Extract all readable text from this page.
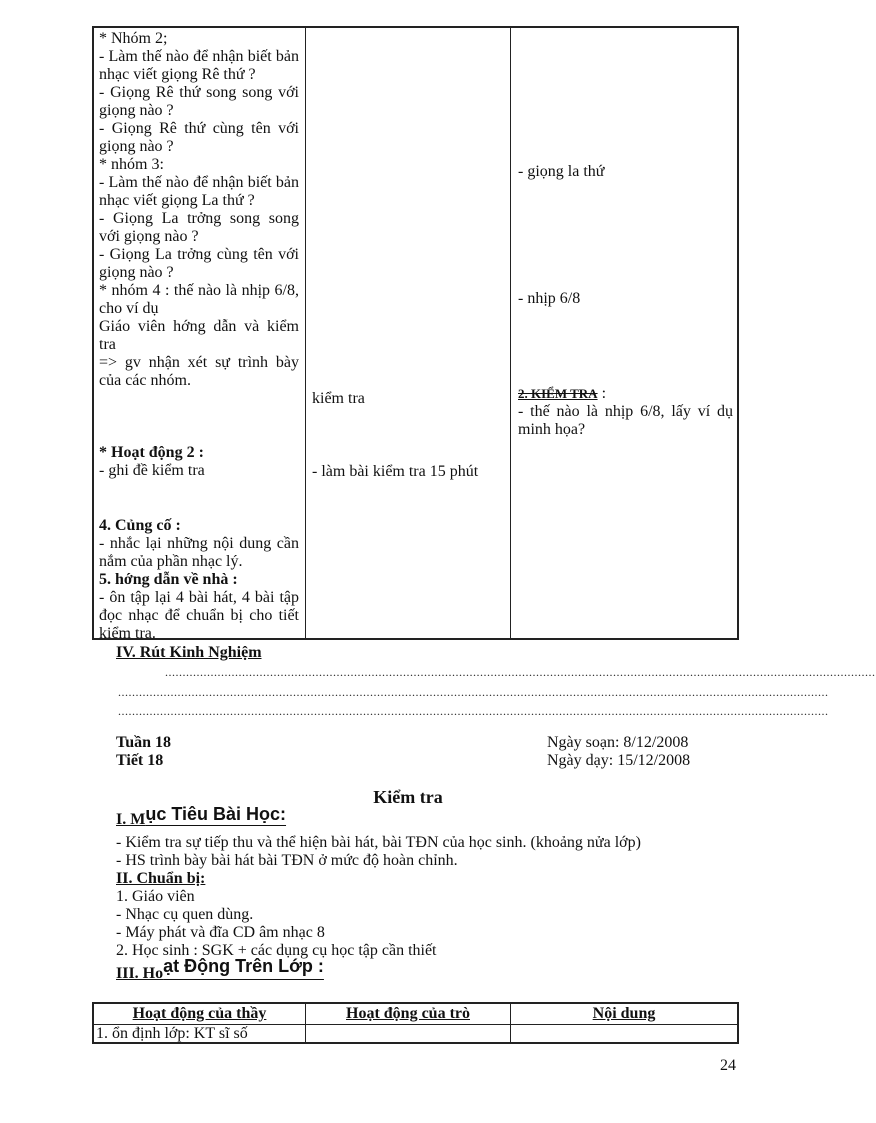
* Nhóm 2;

- Làm thế nào để nhận biết bản nhạc viết giọng Rê thứ ?

- Giọng Rê thứ song song với giọng nào ?

- Giọng Rê thứ cùng tên với giọng nào ?

* nhóm 3:

- Làm thế nào để nhận biết bản nhạc viết giọng La thứ ?

- Giọng La trởng song song với giọng nào ?

- Giọng La trởng cùng tên với giọng nào ?

* nhóm 4 : thế nào là nhịp 6/8, cho ví dụ

Giáo viên hớng dẫn và kiểm tra

=> gv nhận xét sự trình bày của các nhóm.

* Hoạt động 2 :

- ghi đề kiểm tra

4. Củng cố :

- nhắc lại những nội dung cần nắm của phần nhạc lý.

5. hớng dẫn về nhà :

- ôn tập lại 4 bài hát, 4 bài tập đọc nhạc để chuẩn bị cho tiết kiểm tra.

kiểm tra

- làm bài kiểm tra 15 phút

- giọng la thứ

- nhịp 6/8

2. KIỂM TRA :

- thế nào là nhịp 6/8, lấy ví dụ minh họa?

IV. Rút Kinh Nghiệm
...........................................................................................................................................................................................................
...........................................................................................................................................................................................................
...........................................................................................................................................................................................................
Tuần 18
Tiết 18
Ngày soạn: 8/12/2008
Ngày dạy: 15/12/2008
Kiểm tra
I. Mục Tiêu Bài Học:
- Kiểm tra sự tiếp thu và thể hiện bài hát, bài TĐN của học sinh. (khoảng nửa lớp)
- HS trình bày bài hát bài TĐN ở mức độ hoàn chỉnh.
II. Chuẩn bị:
1. Giáo viên
- Nhạc cụ quen dùng.
- Máy phát và đĩa CD âm nhạc 8
2. Học sinh : SGK + các dụng cụ học tập cần thiết
III. Hoạt Động Trên Lớp :
Hoạt động của thầy	Hoạt động của trò	Nội dung
1. ổn định lớp: KT sĩ số
24
